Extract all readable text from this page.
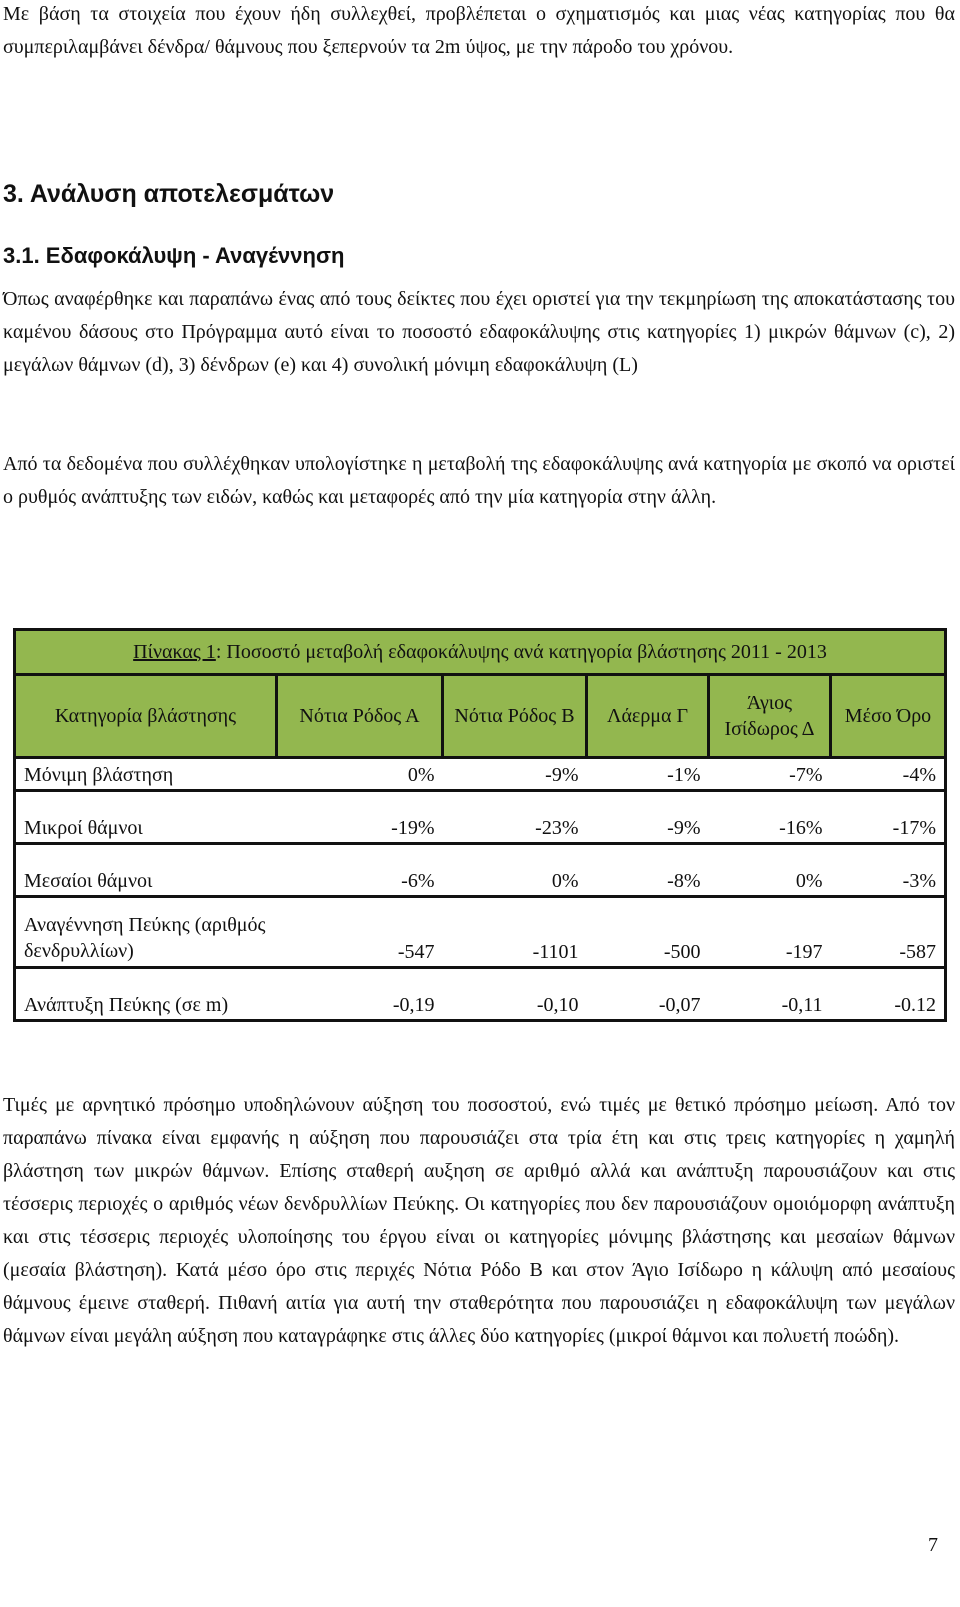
Με βάση τα στοιχεία που έχουν ήδη συλλεχθεί, προβλέπεται ο σχηματισμός και μιας νέας κατηγορίας που θα συμπεριλαμβάνει δένδρα/ θάμνους που ξεπερνούν τα 2m ύψος, με την πάροδο του χρόνου.

3. Ανάλυση αποτελεσμάτων
3.1. Εδαφοκάλυψη - Αναγέννηση

Όπως αναφέρθηκε και παραπάνω ένας από τους δείκτες που έχει οριστεί για την τεκμηρίωση της αποκατάστασης του καμένου δάσους στο Πρόγραμμα αυτό είναι το ποσοστό εδαφοκάλυψης στις κατηγορίες 1) μικρών θάμνων (c), 2) μεγάλων θάμνων (d), 3) δένδρων (e) και 4) συνολική μόνιμη εδαφοκάλυψη (L)

Από τα δεδομένα που συλλέχθηκαν υπολογίστηκε η μεταβολή της εδαφοκάλυψης ανά κατηγορία με σκοπό να οριστεί ο ρυθμός ανάπτυξης των ειδών, καθώς και μεταφορές από την μία κατηγορία στην άλλη.

Πίνακας 1: Ποσοστό μεταβολή εδαφοκάλυψης ανά κατηγορία βλάστησης 2011 - 2013					
Κατηγορία βλάστησης	Νότια Ρόδος Α	Νότια Ρόδος Β	Λάερμα Γ	Άγιος Ισίδωρος Δ	Μέσο Όρο
Μόνιμη βλάστηση	0%	-9%	-1%	-7%	-4%
Μικροί θάμνοι	-19%	-23%	-9%	-16%	-17%
Μεσαίοι θάμνοι	-6%	0%	-8%	0%	-3%
Αναγέννηση Πεύκης (αριθμός δενδρυλλίων)	-547	-1101	-500	-197	-587
Ανάπτυξη Πεύκης (σε m)	-0,19	-0,10	-0,07	-0,11	-0.12

Τιμές με αρνητικό πρόσημο υποδηλώνουν αύξηση του ποσοστού, ενώ τιμές με θετικό πρόσημο μείωση. Από τον παραπάνω πίνακα είναι εμφανής η αύξηση που παρουσιάζει στα τρία έτη και στις τρεις κατηγορίες η χαμηλή βλάστηση των μικρών θάμνων. Επίσης σταθερή αυξηση σε αριθμό αλλά και ανάπτυξη παρουσιάζουν και στις τέσσερις περιοχές ο αριθμός νέων δενδρυλλίων Πεύκης. Οι κατηγορίες που δεν παρουσιάζουν ομοιόμορφη ανάπτυξη και στις τέσσερις περιοχές υλοποίησης του έργου είναι οι κατηγορίες μόνιμης βλάστησης και μεσαίων θάμνων (μεσαία βλάστηση). Κατά μέσο όρο στις περιχές Νότια Ρόδο Β και στον Άγιο Ισίδωρο η κάλυψη από μεσαίους θάμνους έμεινε σταθερή. Πιθανή αιτία για αυτή την σταθερότητα που παρουσιάζει η εδαφοκάλυψη των μεγάλων θάμνων είναι μεγάλη αύξηση που καταγράφηκε στις άλλες δύο κατηγορίες (μικροί θάμνοι και πολυετή ποώδη).

7
